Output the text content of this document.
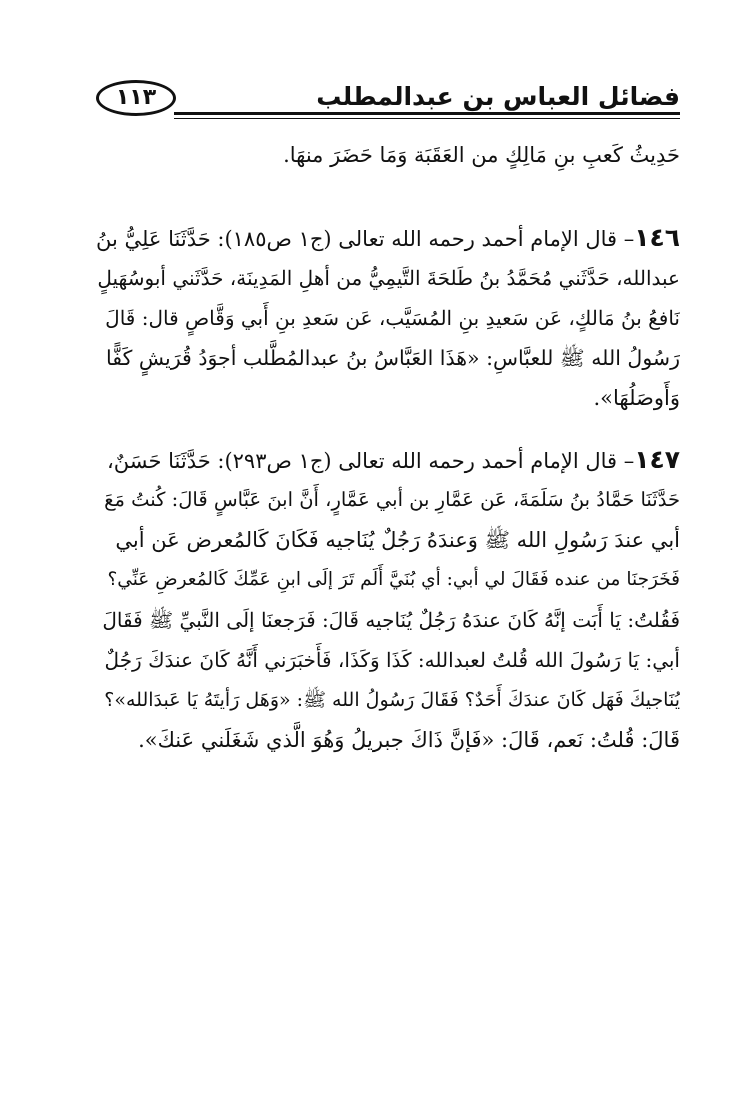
فضائل العباس بن عبدالمطلب
١١٣
حَدِيثُ كَعبِ بنِ مَالِكٍ من العَقَبَة وَمَا حَضَرَ منهَا.
١٤٦– قال الإمام أحمد رحمه الله تعالى (ج١ ص١٨٥): حَدَّثَنَا عَلِيُّ بنُ
عبدالله، حَدَّثَني مُحَمَّدُ بنُ طَلحَةَ التَّيمِيُّ من أهلِ المَدِينَة، حَدَّثَني أبوسُهَيلٍ
نَافعُ بنُ مَالكٍ، عَن سَعيدِ بنِ المُسَيَّب، عَن سَعدِ بنِ أَبي وَقَّاصٍ قال: قَالَ
رَسُولُ الله ﷺ للعبَّاسِ: «هَذَا العَبَّاسُ بنُ عبدالمُطَّلب أجوَدُ قُرَيشٍ كَفًّا
وَأَوصَلُهَا».
١٤٧– قال الإمام أحمد رحمه الله تعالى (ج١ ص٢٩٣): حَدَّثَنَا حَسَنٌ،
حَدَّثَنَا حَمَّادُ بنُ سَلَمَةَ، عَن عَمَّارِ بن أبي عَمَّارٍ، أَنَّ ابنَ عَبَّاسٍ قَالَ: كُنتُ مَعَ
أبي عندَ رَسُولِ الله ﷺ وَعندَهُ رَجُلٌ يُنَاجيه فَكَانَ كَالمُعرض عَن أبي
فَخَرَجنَا من عنده فَقَالَ لي أبي: أي بُنَيَّ أَلَم تَرَ إلَى ابنِ عَمِّكَ كَالمُعرضِ عَنِّي؟
فَقُلتُ: يَا أَبَت إنَّهُ كَانَ عندَهُ رَجُلٌ يُنَاجيه قَالَ: فَرَجعنَا إلَى النَّبيِّ ﷺ فَقَالَ
أبي: يَا رَسُولَ الله قُلتُ لعبدالله: كَذَا وَكَذَا، فَأَخبَرَني أَنَّهُ كَانَ عندَكَ رَجُلٌ
يُنَاجيكَ فَهَل كَانَ عندَكَ أَحَدٌ؟ فَقَالَ رَسُولُ الله ﷺ: «وَهَل رَأيتَهُ يَا عَبدَالله»؟
قَالَ: قُلتُ: نَعم، قَالَ: «فَإنَّ ذَاكَ جبريلُ وَهُوَ الَّذي شَغَلَني عَنكَ».
